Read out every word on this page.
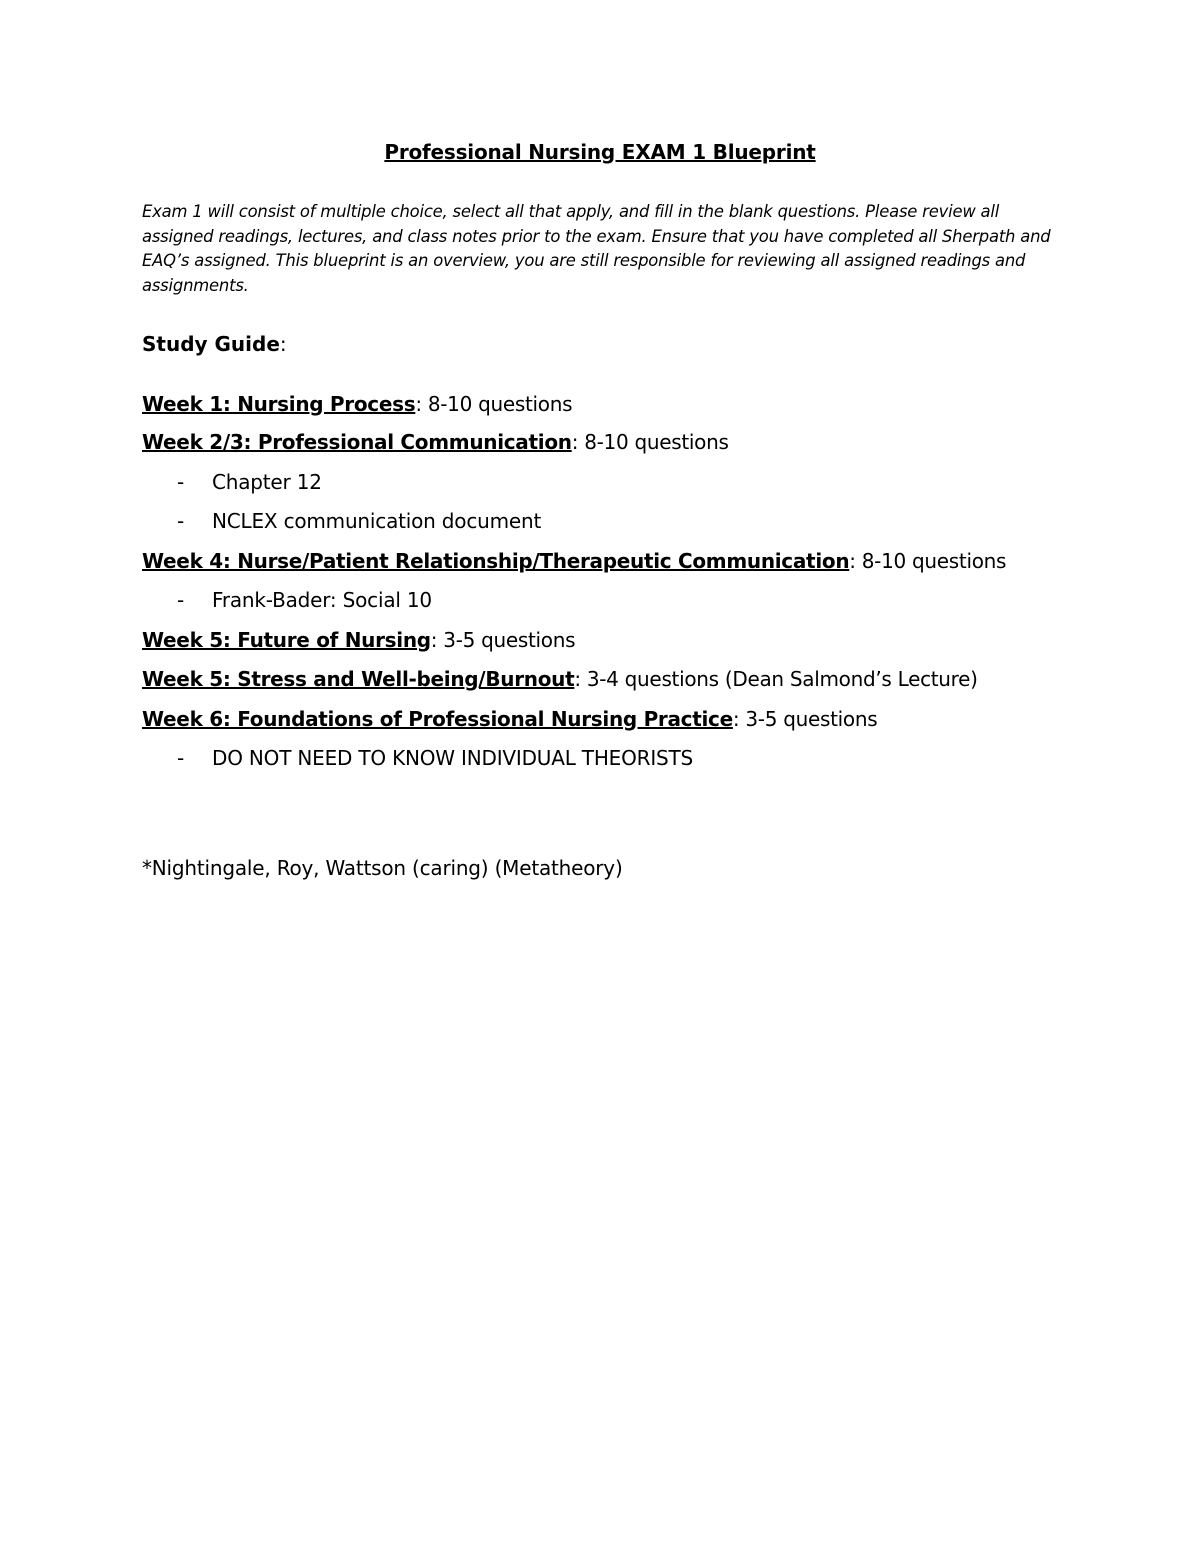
Professional Nursing EXAM 1 Blueprint
Exam 1 will consist of multiple choice, select all that apply, and fill in the blank questions. Please review all assigned readings, lectures, and class notes prior to the exam. Ensure that you have completed all Sherpath and EAQ’s assigned. This blueprint is an overview, you are still responsible for reviewing all assigned readings and assignments.
Study Guide:
Week 1: Nursing Process: 8-10 questions
Week 2/3: Professional Communication: 8-10 questions
- Chapter 12
- NCLEX communication document
Week 4: Nurse/Patient Relationship/Therapeutic Communication: 8-10 questions
- Frank-Bader: Social 10
Week 5: Future of Nursing: 3-5 questions
Week 5: Stress and Well-being/Burnout: 3-4 questions (Dean Salmond’s Lecture)
Week 6: Foundations of Professional Nursing Practice: 3-5 questions
- DO NOT NEED TO KNOW INDIVIDUAL THEORISTS
*Nightingale, Roy, Wattson (caring) (Metatheory)
